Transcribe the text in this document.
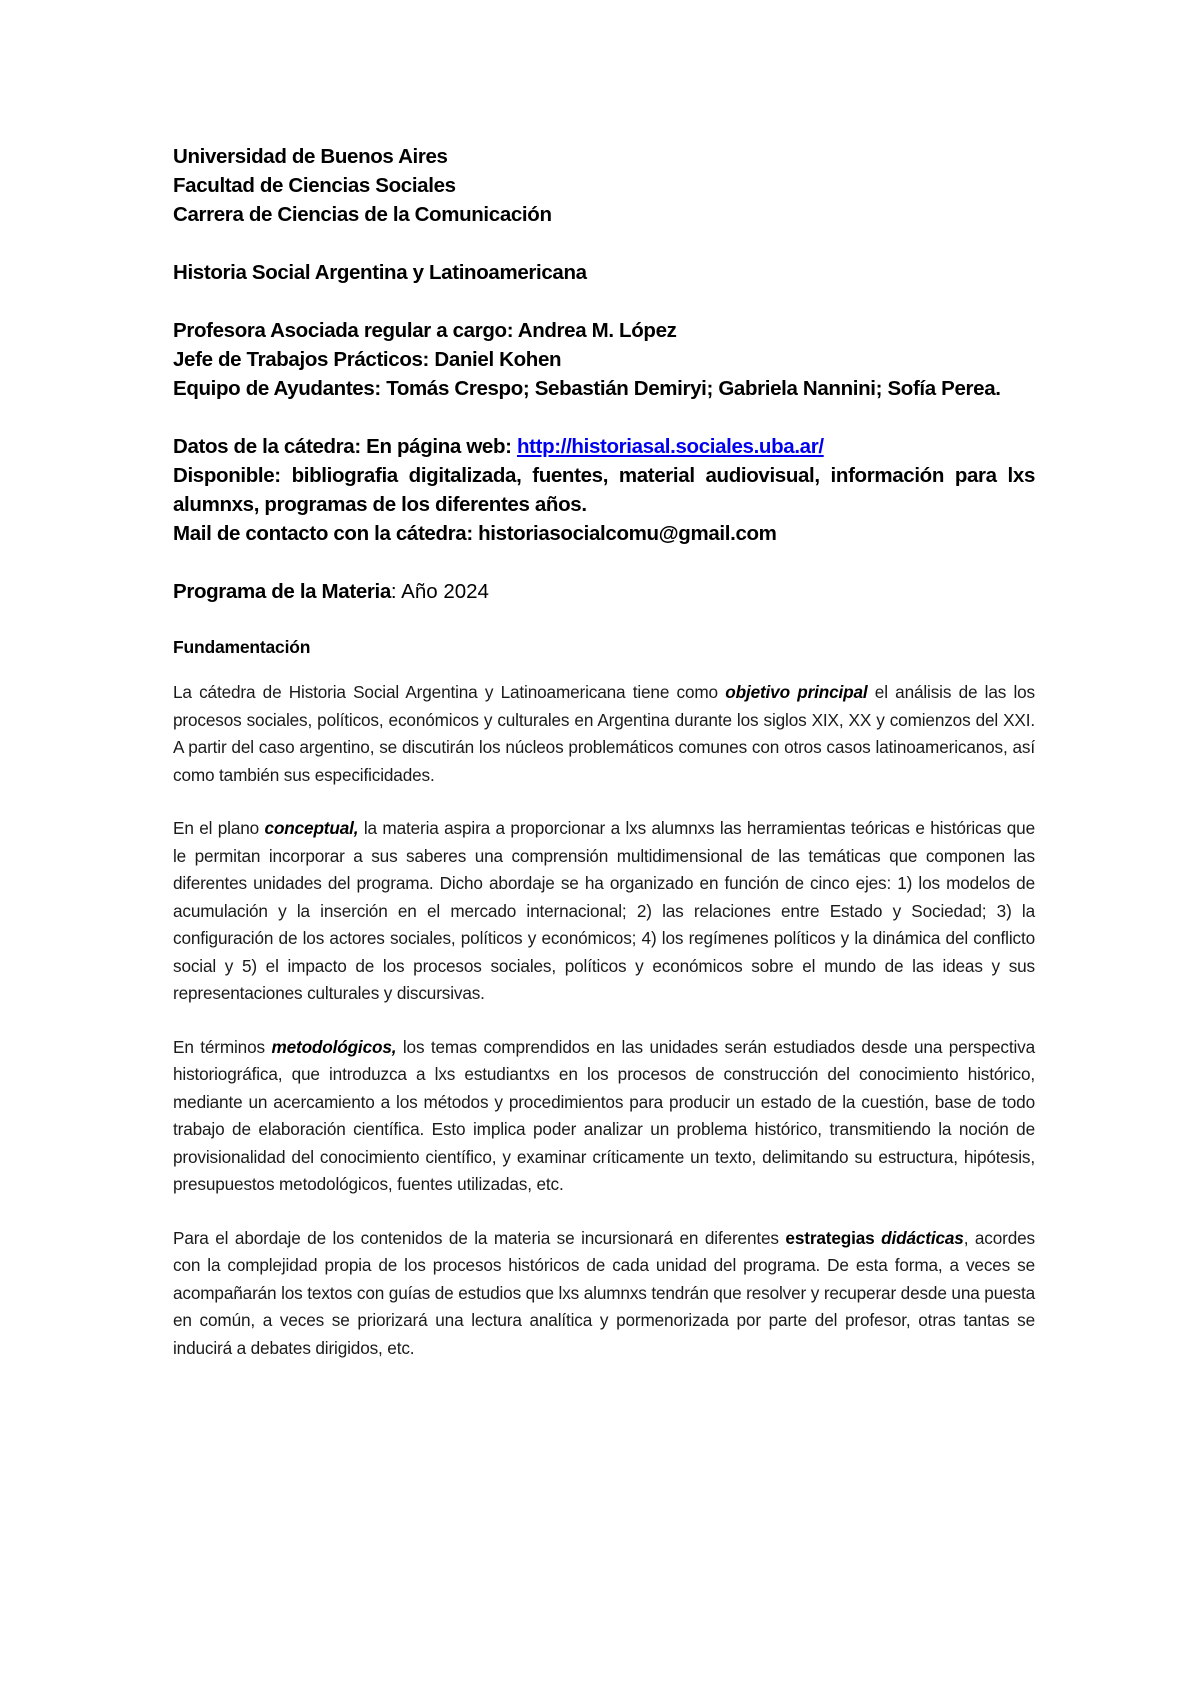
Universidad de Buenos Aires

Facultad de Ciencias Sociales

Carrera de Ciencias de la Comunicación

Historia Social Argentina y Latinoamericana

Profesora Asociada regular a cargo: Andrea M. López

Jefe de Trabajos Prácticos: Daniel Kohen

Equipo de Ayudantes: Tomás Crespo; Sebastián Demiryi; Gabriela Nannini; Sofía Perea.

Datos de la cátedra: En página web: http://historiasal.sociales.uba.ar/

Disponible: bibliografia digitalizada, fuentes, material audiovisual, información para lxs alumnxs, programas de los diferentes años.

Mail de contacto con la cátedra: historiasocialcomu@gmail.com

Programa de la Materia: Año 2024

Fundamentación

La cátedra de Historia Social Argentina y Latinoamericana tiene como objetivo principal el análisis de las los procesos sociales, políticos, económicos y culturales en Argentina durante los siglos XIX, XX y comienzos del XXI. A partir del caso argentino, se discutirán los núcleos problemáticos comunes con otros casos latinoamericanos, así como también sus especificidades.

En el plano conceptual, la materia aspira a proporcionar a lxs alumnxs las herramientas teóricas e históricas que le permitan incorporar a sus saberes una comprensión multidimensional de las temáticas que componen las diferentes unidades del programa. Dicho abordaje se ha organizado en función de cinco ejes: 1) los modelos de acumulación y la inserción en el mercado internacional; 2) las relaciones entre Estado y Sociedad; 3) la configuración de los actores sociales, políticos y económicos; 4) los regímenes políticos y la dinámica del conflicto social y 5) el impacto de los procesos sociales, políticos y económicos sobre el mundo de las ideas y sus representaciones culturales y discursivas.

En términos metodológicos, los temas comprendidos en las unidades serán estudiados desde una perspectiva historiográfica, que introduzca a lxs estudiantxs en los procesos de construcción del conocimiento histórico, mediante un acercamiento a los métodos y procedimientos para producir un estado de la cuestión, base de todo trabajo de elaboración científica. Esto implica poder analizar un problema histórico, transmitiendo la noción de provisionalidad del conocimiento científico, y examinar críticamente un texto, delimitando su estructura, hipótesis, presupuestos metodológicos, fuentes utilizadas, etc.

Para el abordaje de los contenidos de la materia se incursionará en diferentes estrategias didácticas, acordes con la complejidad propia de los procesos históricos de cada unidad del programa. De esta forma, a veces se acompañarán los textos con guías de estudios que lxs alumnxs tendrán que resolver y recuperar desde una puesta en común, a veces se priorizará una lectura analítica y pormenorizada por parte del profesor, otras tantas se inducirá a debates dirigidos, etc.
